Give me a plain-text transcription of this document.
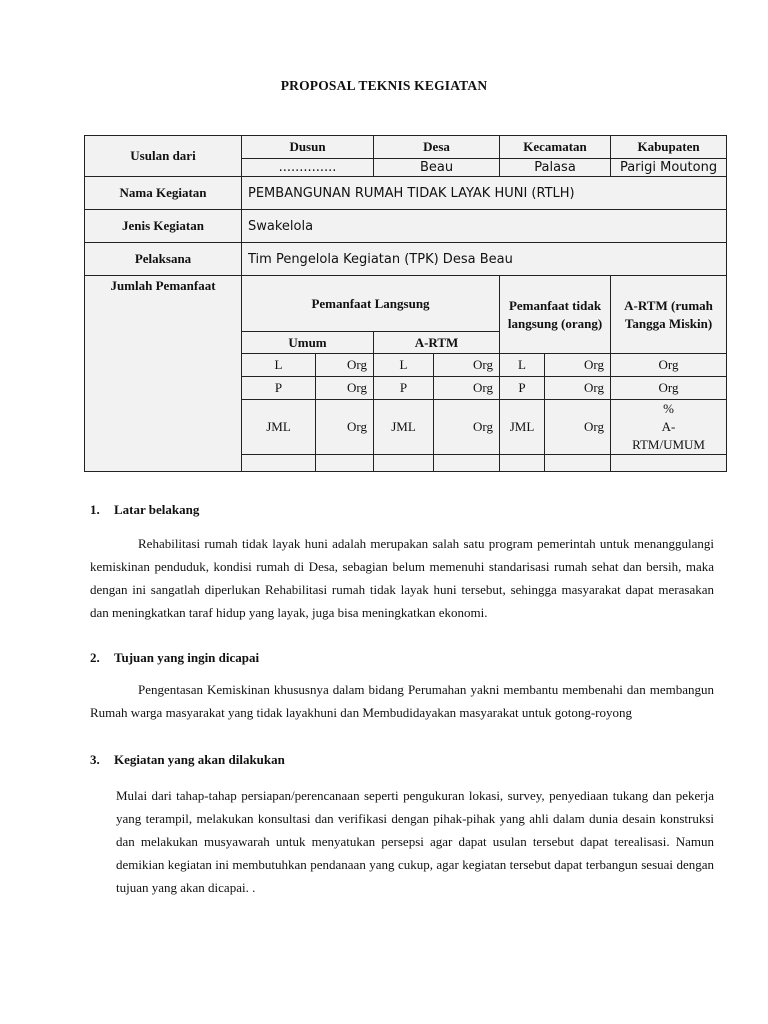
PROPOSAL TEKNIS KEGIATAN
Usulan dari	Dusun		Desa		Kecamatan		Kabupaten
	..............		Beau		Palasa		Parigi Moutong
Nama Kegiatan	PEMBANGUNAN RUMAH TIDAK LAYAK HUNI (RTLH)						
Jenis Kegiatan	Swakelola						
Pelaksana	Tim Pengelola Kegiatan (TPK) Desa Beau						
Jumlah Pemanfaat	Pemanfaat Langsung				Pemanfaat tidak langsung (orang)		A-RTM (rumah Tangga Miskin)
	Umum		A-RTM				
	L	Org	L	Org	L	Org	Org
	P	Org	P	Org	P	Org	Org
	JML	Org	JML	Org	JML	Org	%
A-
RTM/UMUM

1. Latar belakang
Rehabilitasi rumah tidak layak huni adalah merupakan salah satu program pemerintah untuk menanggulangi kemiskinan penduduk, kondisi rumah di Desa, sebagian belum memenuhi standarisasi rumah sehat dan bersih, maka dengan ini sangatlah diperlukan Rehabilitasi rumah tidak layak huni tersebut, sehingga masyarakat dapat merasakan dan meningkatkan taraf hidup yang layak, juga bisa meningkatkan ekonomi.
2. Tujuan yang ingin dicapai
Pengentasan Kemiskinan khususnya dalam bidang Perumahan yakni membantu membenahi dan membangun Rumah warga masyarakat yang tidak layakhuni dan Membudidayakan masyarakat untuk gotong-royong
3. Kegiatan yang akan dilakukan
Mulai dari tahap-tahap persiapan/perencanaan seperti pengukuran lokasi, survey, penyediaan tukang dan pekerja yang terampil, melakukan konsultasi dan verifikasi dengan pihak-pihak yang ahli dalam dunia desain konstruksi dan melakukan musyawarah untuk menyatukan persepsi agar dapat usulan tersebut dapat terealisasi. Namun demikian kegiatan ini membutuhkan pendanaan yang cukup, agar kegiatan tersebut dapat terbangun sesuai dengan tujuan yang akan dicapai. .
